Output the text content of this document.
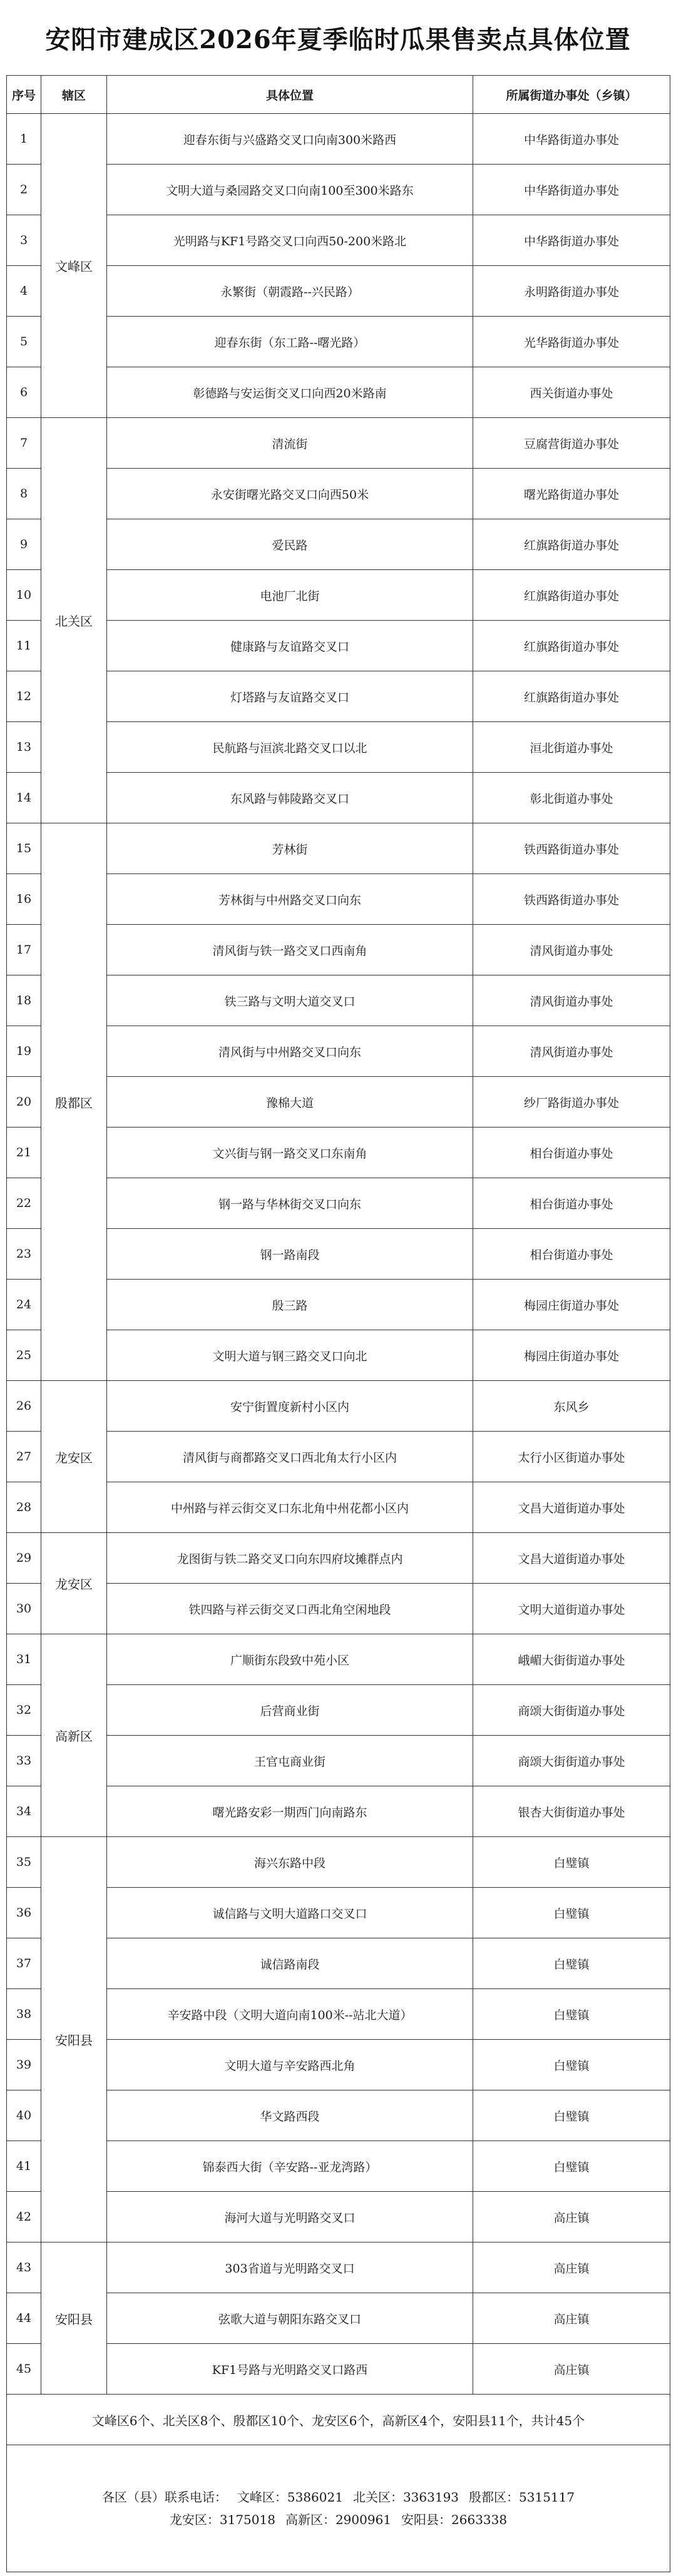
安阳市建成区2026年夏季临时瓜果售卖点具体位置
序号	辖区	具体位置	所属街道办事处（乡镇）
1	文峰区	迎春东街与兴盛路交叉口向南300米路西	中华路街道办事处
2		文明大道与桑园路交叉口向南100至300米路东	中华路街道办事处
3		光明路与KF1号路交叉口向西50-200米路北	中华路街道办事处
4		永繁街（朝霞路--兴民路）	永明路街道办事处
5		迎春东街（东工路--曙光路）	光华路街道办事处
6		彰德路与安运街交叉口向西20米路南	西关街道办事处
7	北关区	清流街	豆腐营街道办事处
8		永安街曙光路交叉口向西50米	曙光路街道办事处
9		爱民路	红旗路街道办事处
10		电池厂北街	红旗路街道办事处
11		健康路与友谊路交叉口	红旗路街道办事处
12		灯塔路与友谊路交叉口	红旗路街道办事处
13		民航路与洹滨北路交叉口以北	洹北街道办事处
14		东风路与韩陵路交叉口	彰北街道办事处
15	殷都区	芳林街	铁西路街道办事处
16		芳林街与中州路交叉口向东	铁西路街道办事处
17		清风街与铁一路交叉口西南角	清风街道办事处
18		铁三路与文明大道交叉口	清风街道办事处
19		清风街与中州路交叉口向东	清风街道办事处
20		豫棉大道	纱厂路街道办事处
21		文兴街与钢一路交叉口东南角	相台街道办事处
22		钢一路与华林街交叉口向东	相台街道办事处
23		钢一路南段	相台街道办事处
24		殷三路	梅园庄街道办事处
25		文明大道与钢三路交叉口向北	梅园庄街道办事处
26	龙安区	安宁街置度新村小区内	东风乡
27		清风街与商都路交叉口西北角太行小区内	太行小区街道办事处
28		中州路与祥云街交叉口东北角中州花都小区内	文昌大道街道办事处
29	龙安区	龙图街与铁二路交叉口向东四府坟摊群点内	文昌大道街道办事处
30		铁四路与祥云街交叉口西北角空闲地段	文明大道街道办事处
31	高新区	广顺街东段致中苑小区	峨嵋大街街道办事处
32		后营商业街	商颂大街街道办事处
33		王官屯商业街	商颂大街街道办事处
34		曙光路安彩一期西门向南路东	银杏大街街道办事处
35	安阳县	海兴东路中段	白璧镇
36		诚信路与文明大道路口交叉口	白璧镇
37		诚信路南段	白璧镇
38		辛安路中段（文明大道向南100米--站北大道）	白璧镇
39		文明大道与辛安路西北角	白璧镇
40		华文路西段	白璧镇
41		锦泰西大街（辛安路--亚龙湾路）	白璧镇
42		海河大道与光明路交叉口	高庄镇
43	安阳县	303省道与光明路交叉口	高庄镇
44		弦歌大道与朝阳东路交叉口	高庄镇
45		KF1号路与光明路交叉口路西	高庄镇
文峰区6个、北关区8个、殷都区10个、龙安区6个，高新区4个，安阳县11个，共计45个			

各区（县）联系电话： 文峰区：5386021 北关区：3363193 殷都区：5315117
龙安区：3175018 高新区：2900961 安阳县：2663338			
